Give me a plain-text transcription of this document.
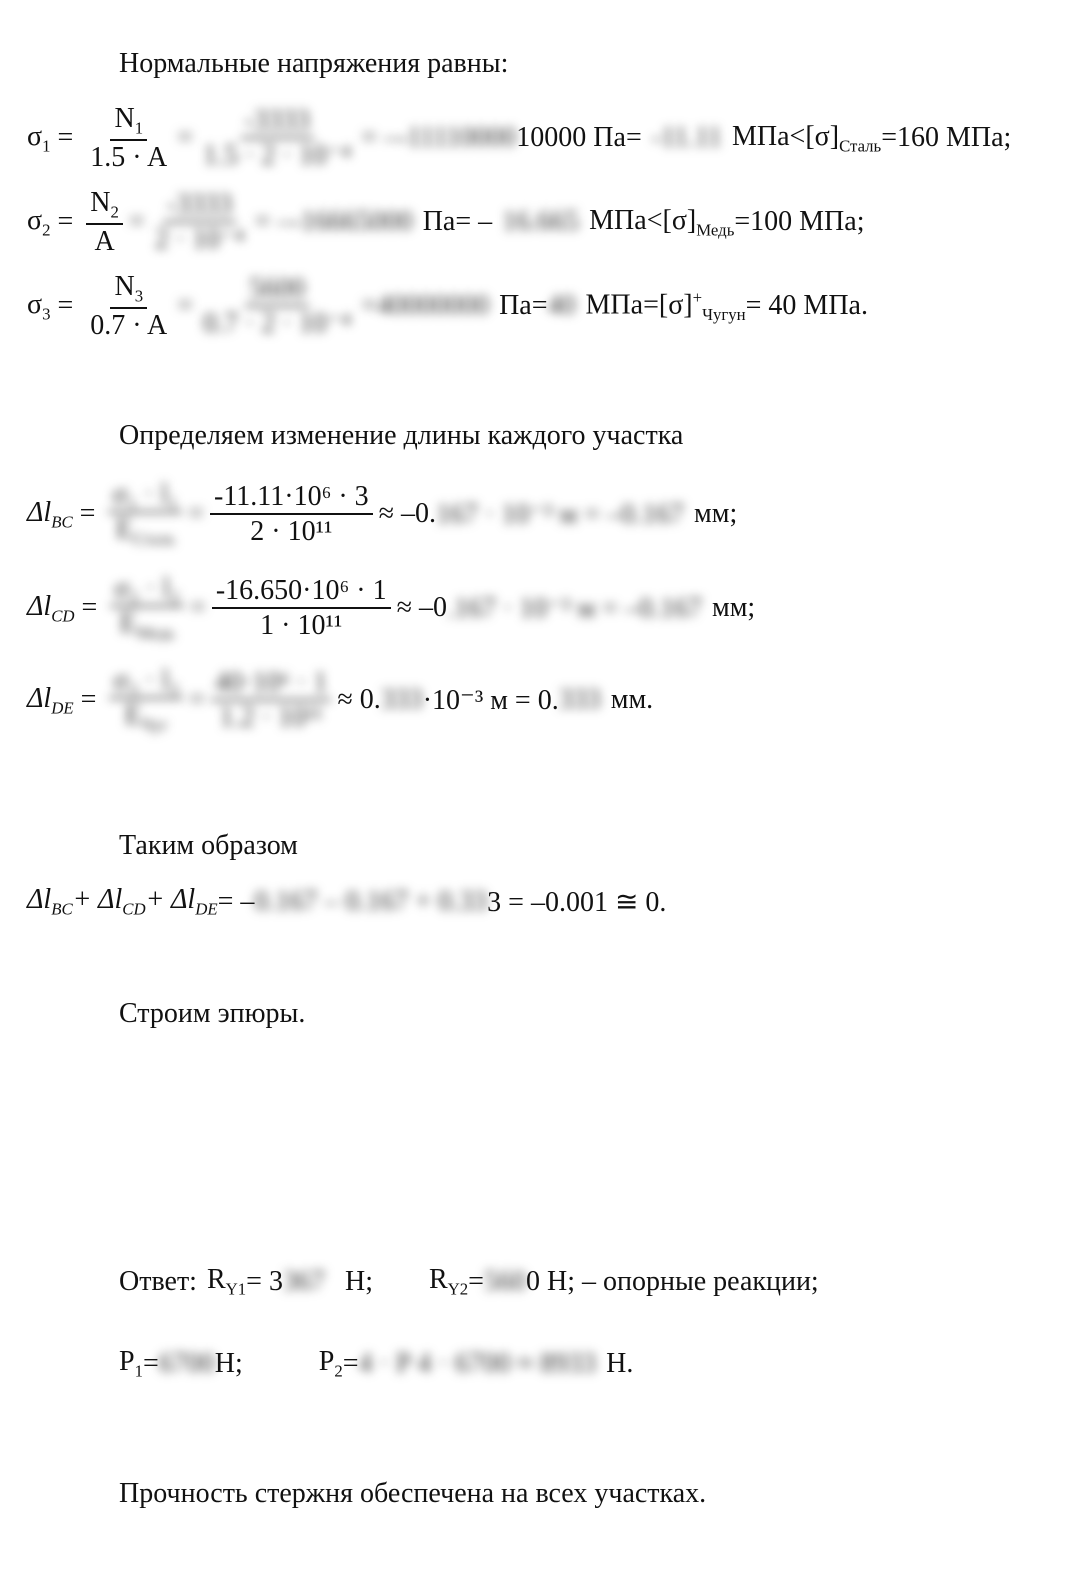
Нормальные напряжения равны:
$\sigma_1 = \frac{N_1}{1.5 \cdot A} = \frac{-3333}{\text{1.5 · 2 · 10⁻⁴}}$ = – -11110000 10000 Па= -11.11 $МПа<[\sigma]_{Сталь} =160$ МПа;
$\sigma_2 = \frac{N_2}{A} = \frac{-3333}{\text{2 · 10⁻⁴}}$ = – -16665000 Па= – 16.665 $МПа<[\sigma]_{Медь} =100$ МПа;
$\sigma_3 = \frac{N_3}{0.7 \cdot A} = \frac{5600}{\text{0.7 · 2 · 10⁻⁴}} = 40000000$ Па= 40 $МПа=[\sigma]^+_{Чугун} = 40$ МПа.
Определяем изменение длины каждого участка
$\Delta l_{BC} = \frac{\text{σ₁ · l₁}}{E_{Сталь}} = \frac{\text{-11.11·10⁶ · 3}}{\text{2 · 10¹¹}} \approx -0$. 167 · 10⁻³ м = –0.167 мм;
$\Delta l_{CD} = \frac{\text{σ₂ · l₂}}{E_{Медь}} = \frac{\text{-16.650·10⁶ · 1}}{\text{1 · 10¹¹}} \approx -0$ .167 · 10⁻³ м = –0.167 мм;
$\Delta l_{DE} = \frac{\text{σ₃ · l₃}}{E_{Чуг}} = \frac{\text{40·10⁶ · 1}}{\text{1.2 · 10¹¹}} \approx 0$. 333 ·10⁻³ м = 0. 333 мм.
Таким образом
$\Delta l_{BC} + \Delta l_{CD} + \Delta l_{DE}$ = – 0.167 – 0.167 + 0.33 3 = –0.001 ≅ 0.
Строим эпюры.
Ответ: $R_{Y1} = 3$ 367 Н; $R_{Y2} = 560$ 0 Н; – опорные реакции;
$P_1 = 6700$ Н;	$P_2 = 4 \cdot P$ 4 · 6700 ≈ 8933 Н.
Прочность стержня обеспечена на всех участках.
